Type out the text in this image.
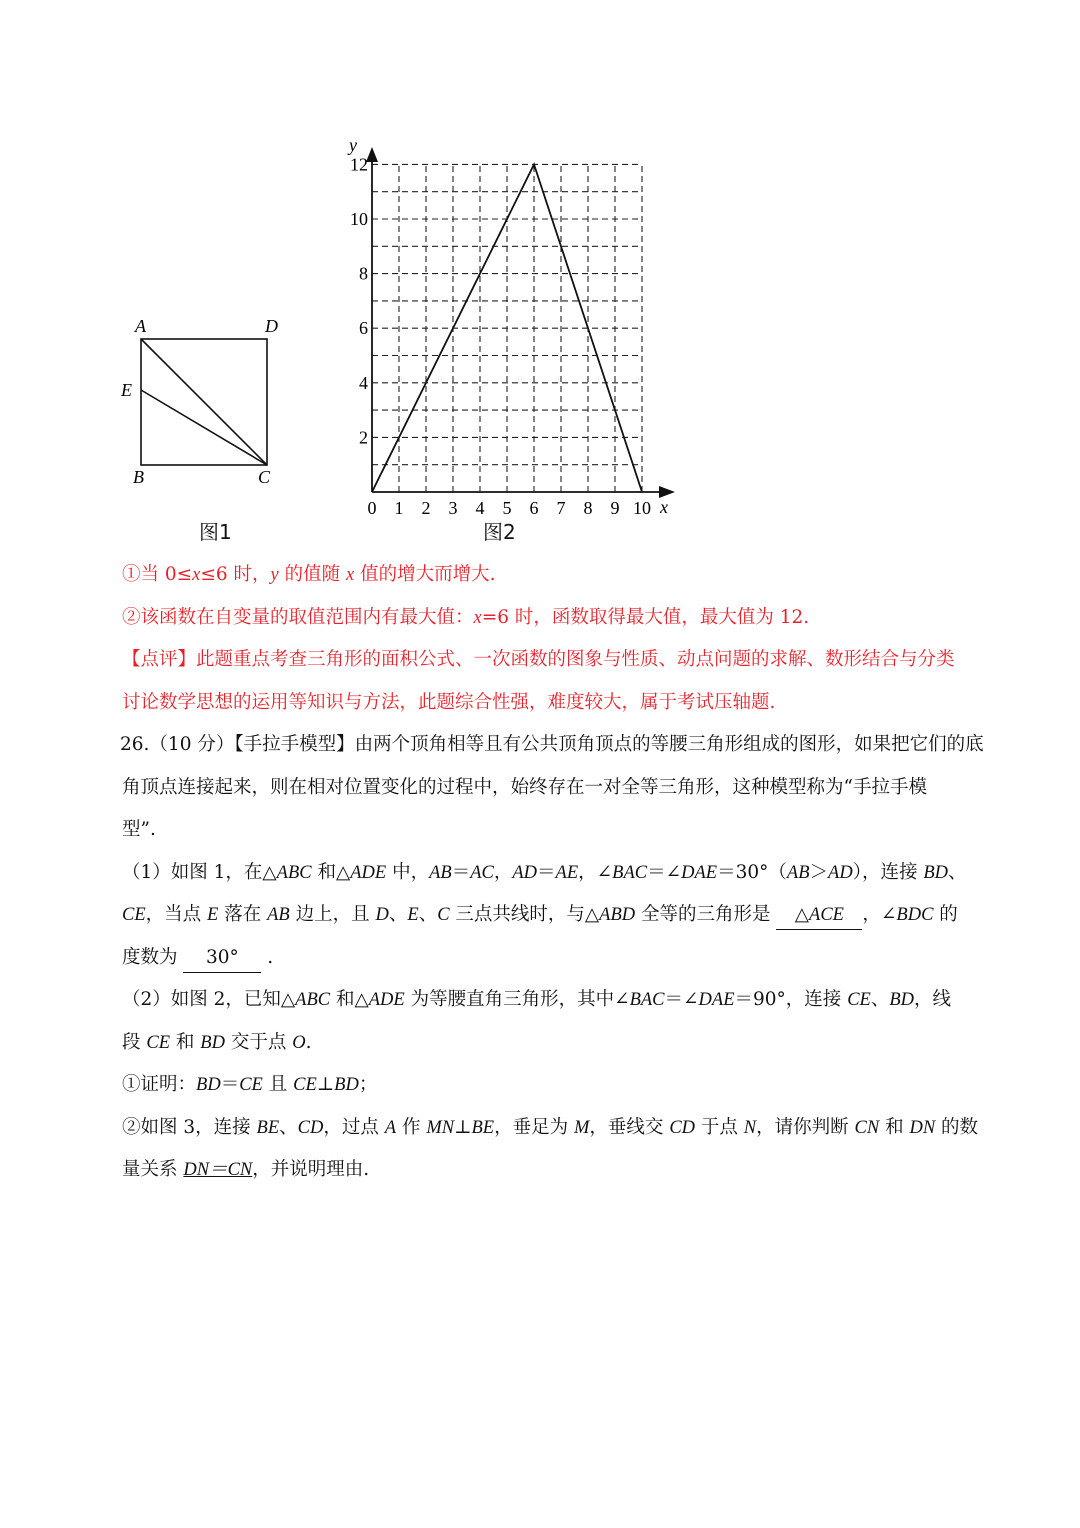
A	D
E
B	C
图1
0 1 2 3 4 5 6 7 8 9 10
2
4
6
8
10
12
y
x
图2
①当 0≤x≤6 时，y 的值随 x 值的增大而增大.
②该函数在自变量的取值范围内有最大值：x=6 时，函数取得最大值，最大值为 12.
【点评】此题重点考查三角形的面积公式、一次函数的图象与性质、动点问题的求解、数形结合与分类
讨论数学思想的运用等知识与方法，此题综合性强，难度较大，属于考试压轴题.
26.（10 分）【手拉手模型】由两个顶角相等且有公共顶角顶点的等腰三角形组成的图形，如果把它们的底
角顶点连接起来，则在相对位置变化的过程中，始终存在一对全等三角形，这种模型称为“手拉手模
型”.
（1）如图 1，在△ABC 和△ADE 中，AB＝AC，AD＝AE，∠BAC＝∠DAE＝30°（AB＞AD），连接 BD、
CE，当点 E 落在 AB 边上，且 D、E、C 三点共线时，与△ABD 全等的三角形是 △ACE ，∠BDC 的
度数为 30° .
（2）如图 2，已知△ABC 和△ADE 为等腰直角三角形，其中∠BAC＝∠DAE＝90°，连接 CE、BD，线
段 CE 和 BD 交于点 O.
①证明：BD＝CE 且 CE⊥BD；
②如图 3，连接 BE、CD，过点 A 作 MN⊥BE，垂足为 M，垂线交 CD 于点 N，请你判断 CN 和 DN 的数
量关系 DN＝CN，并说明理由.
